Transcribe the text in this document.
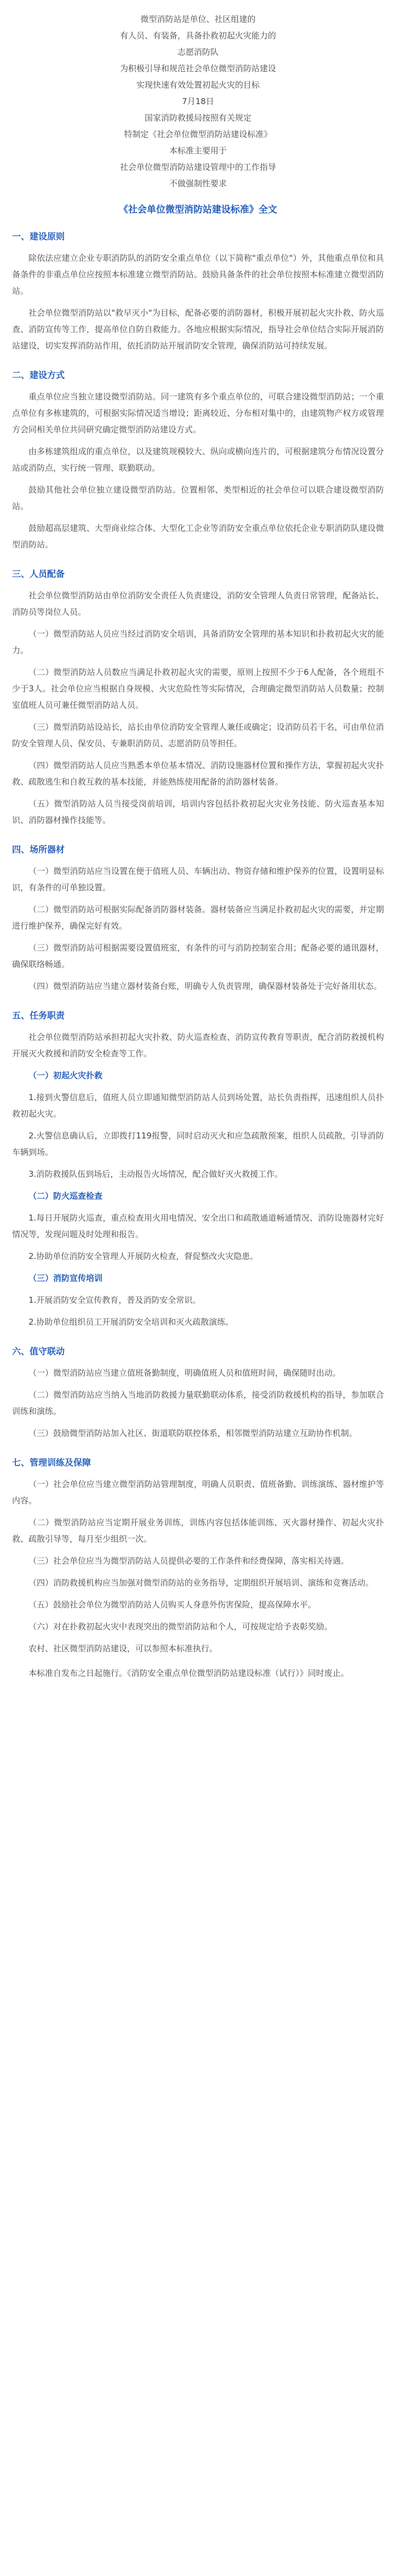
微型消防站是单位、社区组建的
有人员、有装备，具备扑救初起火灾能力的
志愿消防队
为积极引导和规范社会单位微型消防站建设
实现快速有效处置初起火灾的目标
7月18日
国家消防救援局按照有关规定
特制定《社会单位微型消防站建设标准》
本标准主要用于
社会单位微型消防站建设管理中的工作指导
不做强制性要求
《社会单位微型消防站建设标准》全文
一、建设原则

除依法应建立企业专职消防队的消防安全重点单位（以下简称"重点单位"）外，其他重点单位和具备条件的非重点单位应按照本标准建立微型消防站。鼓励具备条件的社会单位按照本标准建立微型消防站。

社会单位微型消防站以"救早灭小"为目标，配备必要的消防器材，积极开展初起火灾扑救、防火巡查、消防宣传等工作，提高单位自防自救能力。各地应根据实际情况，指导社会单位结合实际开展消防站建设，切实发挥消防站作用，依托消防站开展消防安全管理，确保消防站可持续发展。

二、建设方式

重点单位应当独立建设微型消防站。同一建筑有多个重点单位的，可联合建设微型消防站；一个重点单位有多栋建筑的，可根据实际情况适当增设；距离较近、分布相对集中的，由建筑物产权方或管理方会同相关单位共同研究确定微型消防站建设方式。

由多栋建筑组成的重点单位，以及建筑规模较大、纵向或横向连片的，可根据建筑分布情况设置分站或消防点，实行统一管理、联勤联动。

鼓励其他社会单位独立建设微型消防站。位置相邻、类型相近的社会单位可以联合建设微型消防站。

鼓励超高层建筑、大型商业综合体、大型化工企业等消防安全重点单位依托企业专职消防队建设微型消防站。

三、人员配备

社会单位微型消防站由单位消防安全责任人负责建设，消防安全管理人负责日常管理，配备站长、消防员等岗位人员。

（一）微型消防站人员应当经过消防安全培训，具备消防安全管理的基本知识和扑救初起火灾的能力。

（二）微型消防站人员数应当满足扑救初起火灾的需要，原则上按照不少于6人配备，各个班组不少于3人。社会单位应当根据自身规模、火灾危险性等实际情况，合理确定微型消防站人员数量；控制室值班人员可兼任微型消防站人员。

（三）微型消防站设站长，站长由单位消防安全管理人兼任或确定；设消防员若干名，可由单位消防安全管理人员、保安员、专兼职消防员、志愿消防员等担任。

（四）微型消防站人员应当熟悉本单位基本情况、消防设施器材位置和操作方法，掌握初起火灾扑救、疏散逃生和自救互救的基本技能，并能熟练使用配备的消防器材装备。

（五）微型消防站人员当接受岗前培训，培训内容包括扑救初起火灾业务技能、防火巡查基本知识、消防器材操作技能等。

四、场所器材

（一）微型消防站应当设置在便于值班人员、车辆出动、物资存储和维护保养的位置，设置明显标识，有条件的可单独设置。

（二）微型消防站可根据实际配备消防器材装备。器材装备应当满足扑救初起火灾的需要，并定期进行维护保养，确保完好有效。

（三）微型消防站可根据需要设置值班室，有条件的可与消防控制室合用；配备必要的通讯器材，确保联络畅通。

（四）微型消防站应当建立器材装备台账，明确专人负责管理，确保器材装备处于完好备用状态。

五、任务职责

社会单位微型消防站承担初起火灾扑救、防火巡查检查、消防宣传教育等职责，配合消防救援机构开展灭火救援和消防安全检查等工作。

（一）初起火灾扑救

1.接到火警信息后，值班人员立即通知微型消防站人员到场处置，站长负责指挥，迅速组织人员扑救初起火灾。

2.火警信息确认后，立即拨打119报警，同时启动灭火和应急疏散预案，组织人员疏散，引导消防车辆到场。

3.消防救援队伍到场后，主动报告火场情况，配合做好灭火救援工作。

（二）防火巡查检查

1.每日开展防火巡查，重点检查用火用电情况、安全出口和疏散通道畅通情况、消防设施器材完好情况等，发现问题及时处理和报告。

2.协助单位消防安全管理人开展防火检查，督促整改火灾隐患。

（三）消防宣传培训

1.开展消防安全宣传教育，普及消防安全常识。

2.协助单位组织员工开展消防安全培训和灭火疏散演练。

六、值守联动

（一）微型消防站应当建立值班备勤制度，明确值班人员和值班时间，确保随时出动。

（二）微型消防站应当纳入当地消防救援力量联勤联动体系，接受消防救援机构的指导，参加联合训练和演练。

（三）鼓励微型消防站加入社区、街道联防联控体系，相邻微型消防站建立互助协作机制。

七、管理训练及保障

（一）社会单位应当建立微型消防站管理制度，明确人员职责、值班备勤、训练演练、器材维护等内容。

（二）微型消防站应当定期开展业务训练，训练内容包括体能训练、灭火器材操作、初起火灾扑救、疏散引导等，每月至少组织一次。

（三）社会单位应当为微型消防站人员提供必要的工作条件和经费保障，落实相关待遇。

（四）消防救援机构应当加强对微型消防站的业务指导，定期组织开展培训、演练和竞赛活动。

（五）鼓励社会单位为微型消防站人员购买人身意外伤害保险，提高保障水平。

（六）对在扑救初起火灾中表现突出的微型消防站和个人，可按规定给予表彰奖励。

农村、社区微型消防站建设，可以参照本标准执行。

本标准自发布之日起施行。《消防安全重点单位微型消防站建设标准（试行）》同时废止。
